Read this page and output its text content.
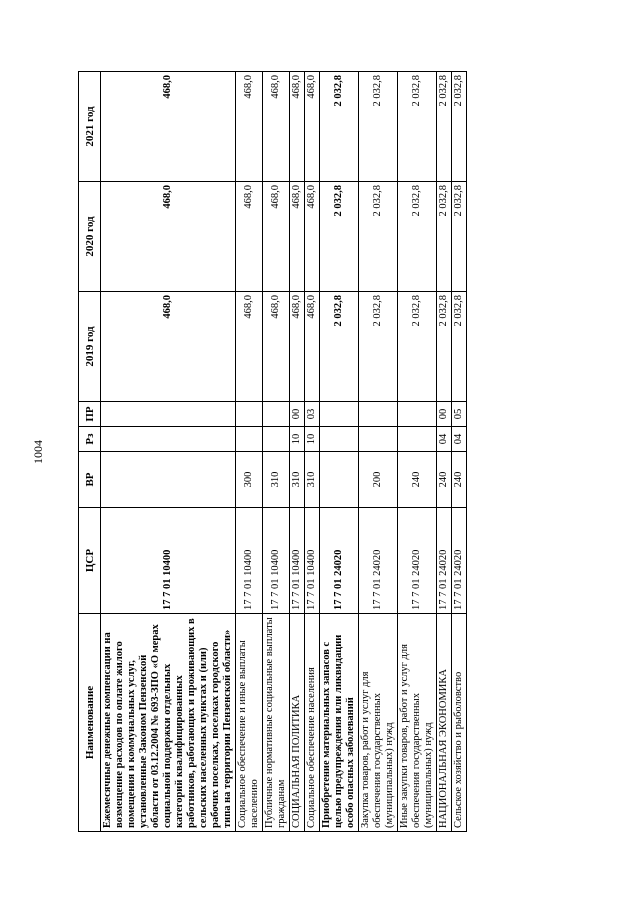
1004
Наименование	ЦСР	ВР	Рз	ПР	2019 год	2020 год	2021 год
Ежемесячные денежные компенсации на возмещение расходов по оплате жилого помещения и коммунальных услуг, установленные Законом Пензенской области от 03.12.2004 № 693-ЗПО «О мерах социальной поддержки отдельных категорий квалифицированных работников, работающих и проживающих в сельских населенных пунктах и (или) рабочих поселках, поселках городского типа на территории Пензенской области»	17 7 01 10400				468,0	468,0	468,0
Социальное обеспечение и иные выплаты населению	17 7 01 10400	300			468,0	468,0	468,0
Публичные нормативные социальные выплаты гражданам	17 7 01 10400	310			468,0	468,0	468,0
СОЦИАЛЬНАЯ ПОЛИТИКА	17 7 01 10400	310	10	00	468,0	468,0	468,0
Социальное обеспечение населения	17 7 01 10400	310	10	03	468,0	468,0	468,0
Приобретение материальных запасов с целью предупреждения или ликвидации особо опасных заболеваний	17 7 01 24020				2 032,8	2 032,8	2 032,8
Закупка товаров, работ и услуг для обеспечения государственных (муниципальных) нужд	17 7 01 24020	200			2 032,8	2 032,8	2 032,8
Иные закупки товаров, работ и услуг для обеспечения государственных (муниципальных) нужд	17 7 01 24020	240			2 032,8	2 032,8	2 032,8
НАЦИОНАЛЬНАЯ ЭКОНОМИКА	17 7 01 24020	240	04	00	2 032,8	2 032,8	2 032,8
Сельское хозяйство и рыболовство	17 7 01 24020	240	04	05	2 032,8	2 032,8	2 032,8
